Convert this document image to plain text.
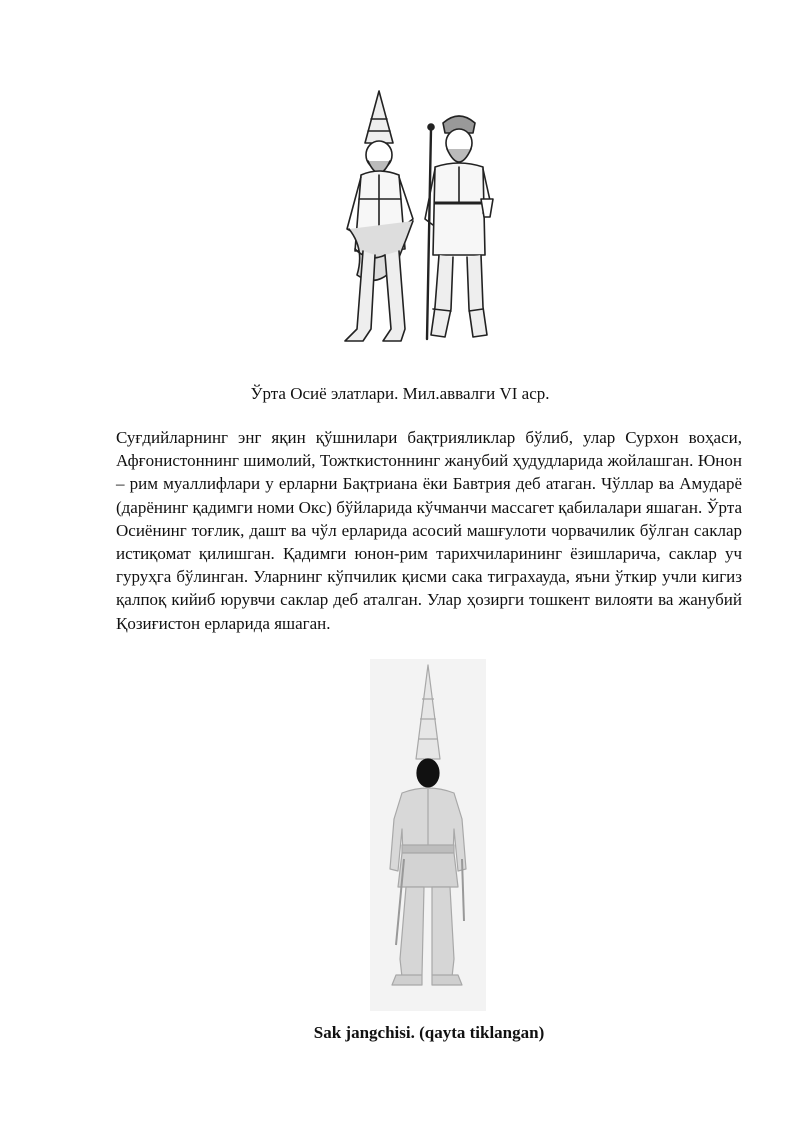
Ўрта Осиё элатлари. Мил.аввалги VI аср.

Суғдийларнинг энг яқин қўшнилари бақтрияликлар бўлиб, улар Сурхон воҳаси, Афғонистоннинг шимолий, Тожткистоннинг жанубий ҳудудларида жойлашган. Юнон – рим муаллифлари у ерларни Бақтриана ёки Бавтрия деб атаган. Чўллар ва Амударё (дарёнинг қадимги номи Окс) бўйларида кўчманчи массагет қабилалари яшаган. Ўрта Осиёнинг тоғлик, дашт ва чўл ерларида асосий машғулоти чорвачилик бўлган саклар истиқомат қилишган. Қадимги юнон-рим тарихчиларининг ёзишларича, саклар уч гуруҳга бўлинган. Уларнинг кўпчилик қисми сака тиграхауда, яъни ўткир учли кигиз қалпоқ кийиб юрувчи саклар деб аталган. Улар ҳозирги тошкент вилояти ва жанубий Қозиғистон ерларида яшаган.

Sak jangchisi. (qayta tiklangan)
